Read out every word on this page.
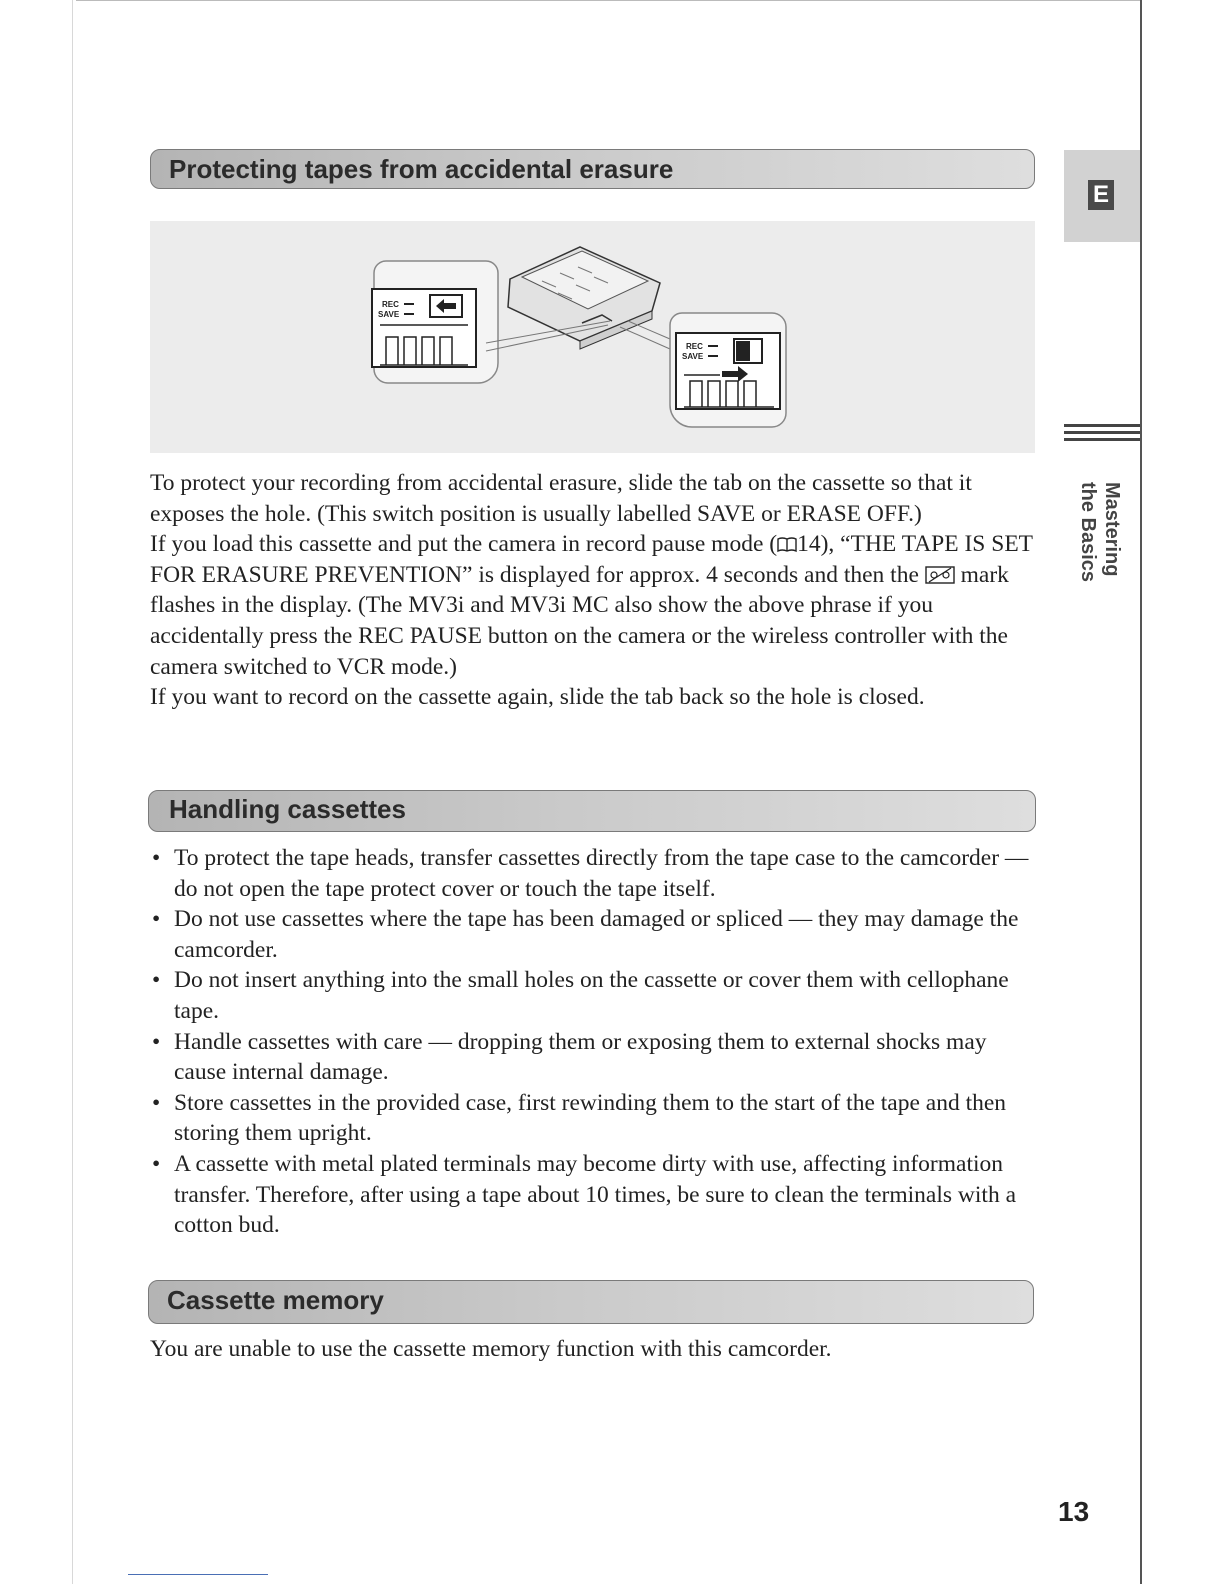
Protecting tapes from accidental erasure
REC
SAVE
REC
SAVE

To protect your recording from accidental erasure, slide the tab on the cassette so that it exposes the hole. (This switch position is usually labelled SAVE or ERASE OFF.)

If you load this cassette and put the camera in record pause mode ( 14), “THE TAPE IS SET FOR ERASURE PREVENTION” is displayed for approx. 4 seconds and then the mark flashes in the display. (The MV3i and MV3i MC also show the above phrase if you accidentally press the REC PAUSE button on the camera or the wireless controller with the camera switched to VCR mode.)

If you want to record on the cassette again, slide the tab back so the hole is closed.

Handling cassettes
• To protect the tape heads, transfer cassettes directly from the tape case to the camcorder — do not open the tape protect cover or touch the tape itself.
• Do not use cassettes where the tape has been damaged or spliced — they may damage the camcorder.
• Do not insert anything into the small holes on the cassette or cover them with cellophane tape.
• Handle cassettes with care — dropping them or exposing them to external shocks may cause internal damage.
• Store cassettes in the provided case, first rewinding them to the start of the tape and then storing them upright.
• A cassette with metal plated terminals may become dirty with use, affecting information transfer. Therefore, after using a tape about 10 times, be sure to clean the terminals with a cotton bud.
Cassette memory

You are unable to use the cassette memory function with this camcorder.

E
Mastering
the Basics
13
